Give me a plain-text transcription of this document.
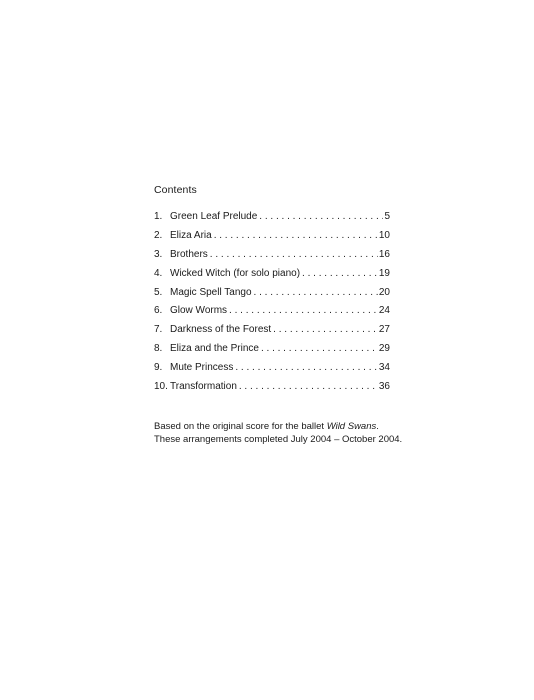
Contents
1. Green Leaf Prelude . . .	5
2. Eliza Aria . . .	10
3. Brothers . . .	16
4. Wicked Witch (for solo piano) . . .	19
5. Magic Spell Tango . . .	20
6. Glow Worms . . .	24
7. Darkness of the Forest . . .	27
8. Eliza and the Prince . . .	29
9. Mute Princess . . .	34
10. Transformation . . .	36
Based on the original score for the ballet Wild Swans.
These arrangements completed July 2004 – October 2004.
